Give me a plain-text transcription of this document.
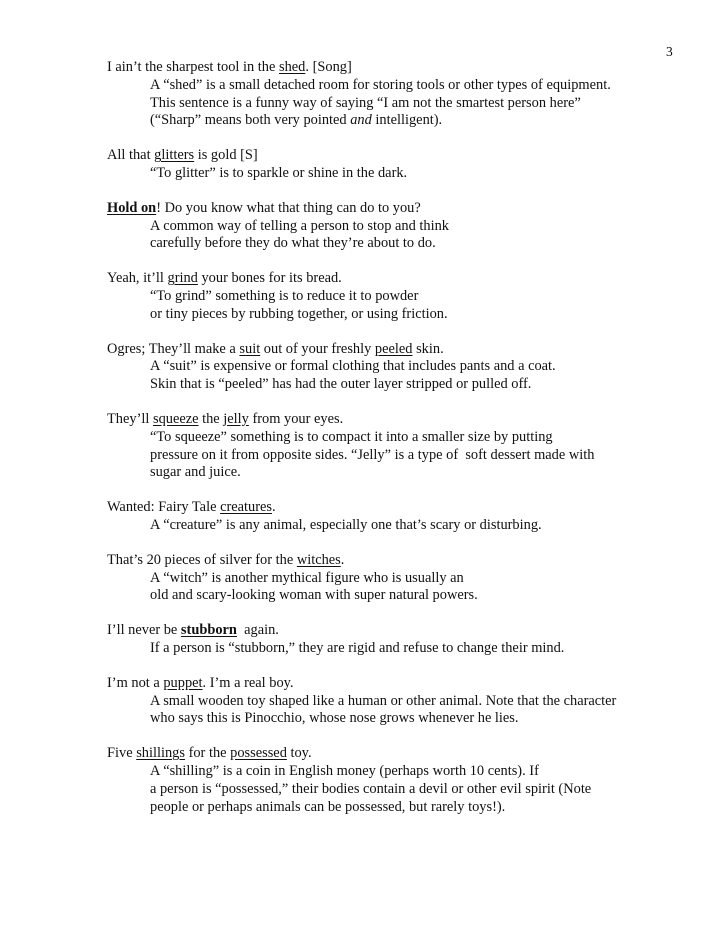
3
I ain’t the sharpest tool in the shed. [Song]
A “shed” is a small detached room for storing tools or other types of equipment.
This sentence is a funny way of saying “I am not the smartest person here”
(“Sharp” means both very pointed and intelligent).
All that glitters is gold [S]
“To glitter” is to sparkle or shine in the dark.
Hold on! Do you know what that thing can do to you?
A common way of telling a person to stop and think
carefully before they do what they’re about to do.
Yeah, it’ll grind your bones for its bread.
“To grind” something is to reduce it to powder
or tiny pieces by rubbing together, or using friction.
Ogres; They’ll make a suit out of your freshly peeled skin.
A “suit” is expensive or formal clothing that includes pants and a coat.
Skin that is “peeled” has had the outer layer stripped or pulled off.
They’ll squeeze the jelly from your eyes.
“To squeeze” something is to compact it into a smaller size by putting
pressure on it from opposite sides. “Jelly” is a type of  soft dessert made with
sugar and juice.
Wanted: Fairy Tale creatures.
A “creature” is any animal, especially one that’s scary or disturbing.
That’s 20 pieces of silver for the witches.
A “witch” is another mythical figure who is usually an
old and scary-looking woman with super natural powers.
I’ll never be stubborn  again.
If a person is “stubborn,” they are rigid and refuse to change their mind.
I’m not a puppet. I’m a real boy.
A small wooden toy shaped like a human or other animal. Note that the character
who says this is Pinocchio, whose nose grows whenever he lies.
Five shillings for the possessed toy.
A “shilling” is a coin in English money (perhaps worth 10 cents). If
a person is “possessed,” their bodies contain a devil or other evil spirit (Note
people or perhaps animals can be possessed, but rarely toys!).
